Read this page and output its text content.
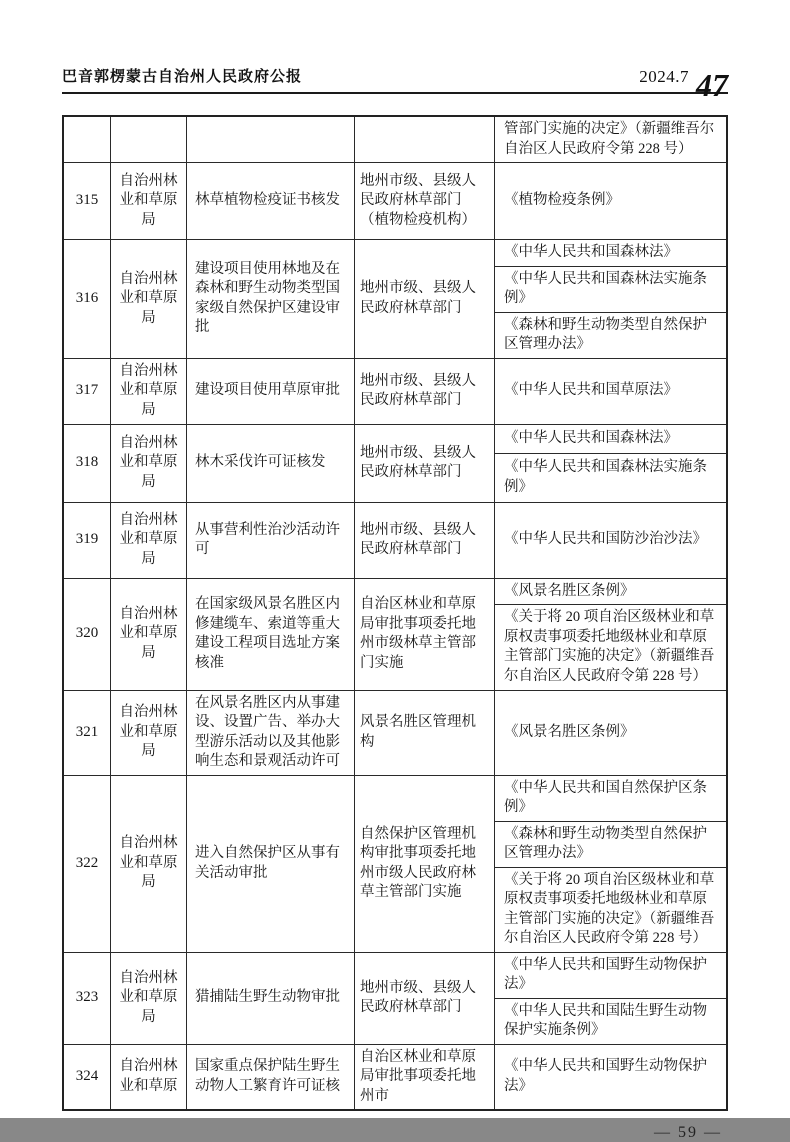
巴音郭楞蒙古自治州人民政府公报	2024.7 47
管部门实施的决定》（新疆维吾尔自治区人民政府令第 228 号）
315
自治州林业和草原局
林草植物检疫证书核发
地州市级、县级人民政府林草部门（植物检疫机构）
《植物检疫条例》
316
自治州林业和草原局
建设项目使用林地及在森林和野生动物类型国家级自然保护区建设审批
地州市级、县级人民政府林草部门
《中华人民共和国森林法》
《中华人民共和国森林法实施条例》
《森林和野生动物类型自然保护区管理办法》
317
自治州林业和草原局
建设项目使用草原审批
地州市级、县级人民政府林草部门
《中华人民共和国草原法》
318
自治州林业和草原局
林木采伐许可证核发
地州市级、县级人民政府林草部门
《中华人民共和国森林法》
《中华人民共和国森林法实施条例》
319
自治州林业和草原局
从事营利性治沙活动许可
地州市级、县级人民政府林草部门
《中华人民共和国防沙治沙法》
320
自治州林业和草原局
在国家级风景名胜区内修建缆车、索道等重大建设工程项目选址方案核准
自治区林业和草原局审批事项委托地州市级林草主管部门实施
《风景名胜区条例》
《关于将 20 项自治区级林业和草原权责事项委托地级林业和草原主管部门实施的决定》（新疆维吾尔自治区人民政府令第 228 号）
321
自治州林业和草原局
在风景名胜区内从事建设、设置广告、举办大型游乐活动以及其他影响生态和景观活动许可
风景名胜区管理机构
《风景名胜区条例》
322
自治州林业和草原局
进入自然保护区从事有关活动审批
自然保护区管理机构审批事项委托地州市级人民政府林草主管部门实施
《中华人民共和国自然保护区条例》
《森林和野生动物类型自然保护区管理办法》
《关于将 20 项自治区级林业和草原权责事项委托地级林业和草原主管部门实施的决定》（新疆维吾尔自治区人民政府令第 228 号）
323
自治州林业和草原局
猎捕陆生野生动物审批
地州市级、县级人民政府林草部门
《中华人民共和国野生动物保护法》
《中华人民共和国陆生野生动物保护实施条例》
324
自治州林业和草原
国家重点保护陆生野生动物人工繁育许可证核
自治区林业和草原局审批事项委托地州市
《中华人民共和国野生动物保护法》
— 59 —
